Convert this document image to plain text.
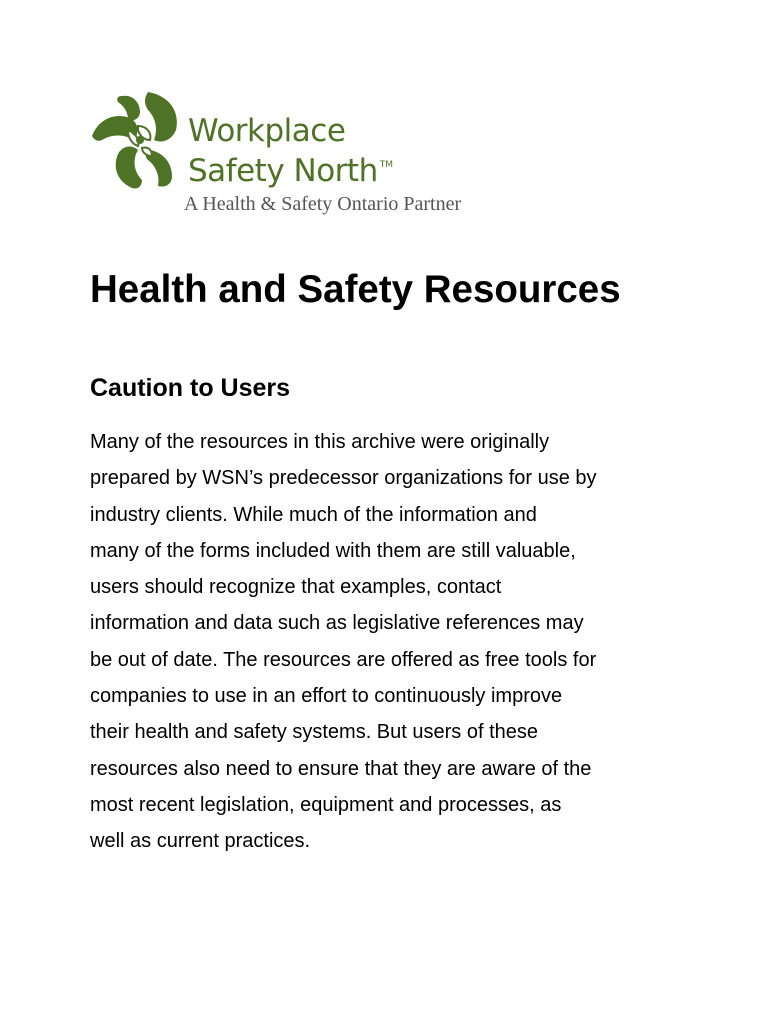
Workplace
Safety North ™
A Health & Safety Ontario Partner
Health and Safety Resources
Caution to Users

Many of the resources in this archive were originally
prepared by WSN’s predecessor organizations for use by
industry clients. While much of the information and
many of the forms included with them are still valuable,
users should recognize that examples, contact
information and data such as legislative references may
be out of date. The resources are offered as free tools for
companies to use in an effort to continuously improve
their health and safety systems. But users of these
resources also need to ensure that they are aware of the
most recent legislation, equipment and processes, as
well as current practices.
